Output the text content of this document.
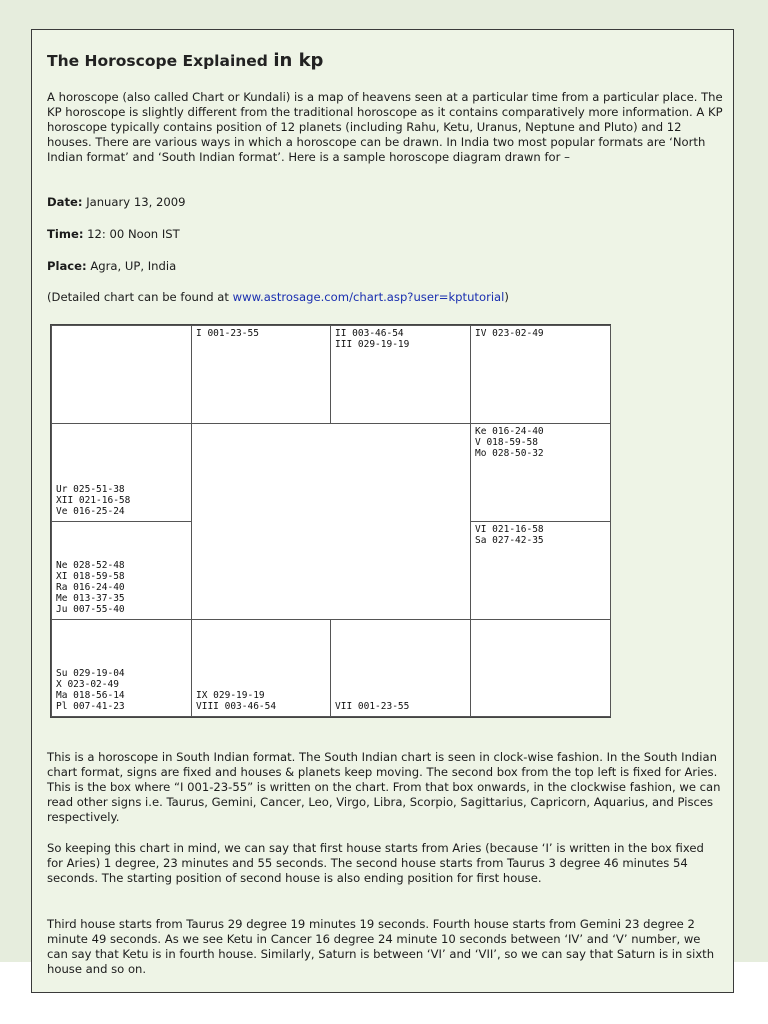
The Horoscope Explained in kp

A horoscope (also called Chart or Kundali) is a map of heavens seen at a particular time from a particular place. The KP horoscope is slightly different from the traditional horoscope as it contains comparatively more information. A KP horoscope typically contains position of 12 planets (including Rahu, Ketu, Uranus, Neptune and Pluto) and 12 houses. There are various ways in which a horoscope can be drawn. In India two most popular formats are ‘North Indian format’ and ‘South Indian format’. Here is a sample horoscope diagram drawn for –

Date: January 13, 2009

Time: 12: 00 Noon IST

Place: Agra, UP, India

(Detailed chart can be found at www.astrosage.com/chart.asp?user=kptutorial)

I 001-23-55	II 003-46-54
III 029-19-19
IV 023-02-49
Ur 025-51-38
XII 021-16-58
Ve 016-25-24
Ke 016-24-40
V 018-59-58
Mo 028-50-32
Ne 028-52-48
XI 018-59-58
Ra 016-24-40
Me 013-37-35
Ju 007-55-40
VI 021-16-58
Sa 027-42-35
Su 029-19-04
X 023-02-49
Ma 018-56-14
Pl 007-41-23
IX 029-19-19
VIII 003-46-54	VII 001-23-55

This is a horoscope in South Indian format. The South Indian chart is seen in clock-wise fashion. In the South Indian chart format, signs are fixed and houses & planets keep moving. The second box from the top left is fixed for Aries. This is the box where “I 001-23-55” is written on the chart. From that box onwards, in the clockwise fashion, we can read other signs i.e. Taurus, Gemini, Cancer, Leo, Virgo, Libra, Scorpio, Sagittarius, Capricorn, Aquarius, and Pisces respectively.

So keeping this chart in mind, we can say that first house starts from Aries (because ‘I’ is written in the box fixed for Aries) 1 degree, 23 minutes and 55 seconds. The second house starts from Taurus 3 degree 46 minutes 54 seconds. The starting position of second house is also ending position for first house.

Third house starts from Taurus 29 degree 19 minutes 19 seconds. Fourth house starts from Gemini 23 degree 2 minute 49 seconds. As we see Ketu in Cancer 16 degree 24 minute 10 seconds between ‘IV’ and ‘V’ number, we can say that Ketu is in fourth house. Similarly, Saturn is between ‘VI’ and ‘VII’, so we can say that Saturn is in sixth house and so on.
